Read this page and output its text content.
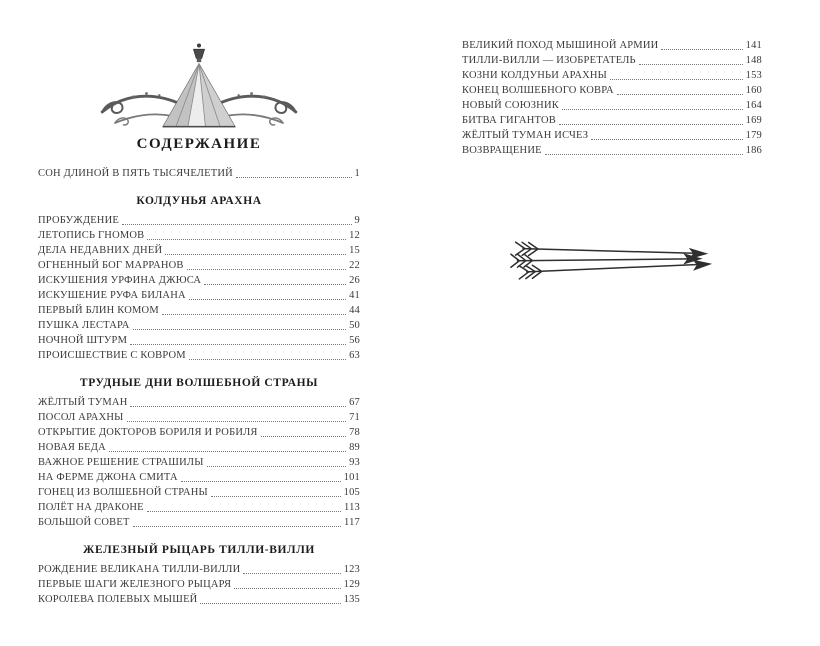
СОДЕРЖАНИЕ
СОН ДЛИНОЙ В ПЯТЬ ТЫСЯЧЕЛЕТИЙ	1
КОЛДУНЬЯ АРАХНА
ПРОБУЖДЕНИЕ	9
ЛЕТОПИСЬ ГНОМОВ	12
ДЕЛА НЕДАВНИХ ДНЕЙ	15
ОГНЕННЫЙ БОГ МАРРАНОВ	22
ИСКУШЕНИЯ УРФИНА ДЖЮСА	26
ИСКУШЕНИЕ РУФА БИЛАНА	41
ПЕРВЫЙ БЛИН КОМОМ	44
ПУШКА ЛЕСТАРА	50
НОЧНОЙ ШТУРМ	56
ПРОИСШЕСТВИЕ С КОВРОМ	63
ТРУДНЫЕ ДНИ ВОЛШЕБНОЙ СТРАНЫ
ЖЁЛТЫЙ ТУМАН	67
ПОСОЛ АРАХНЫ	71
ОТКРЫТИЕ ДОКТОРОВ БОРИЛЯ И РОБИЛЯ	78
НОВАЯ БЕДА	89
ВАЖНОЕ РЕШЕНИЕ СТРАШИЛЫ	93
НА ФЕРМЕ ДЖОНА СМИТА	101
ГОНЕЦ ИЗ ВОЛШЕБНОЙ СТРАНЫ	105
ПОЛЁТ НА ДРАКОНЕ	113
БОЛЬШОЙ СОВЕТ	117
ЖЕЛЕЗНЫЙ РЫЦАРЬ ТИЛЛИ-ВИЛЛИ
РОЖДЕНИЕ ВЕЛИКАНА ТИЛЛИ-ВИЛЛИ	123
ПЕРВЫЕ ШАГИ ЖЕЛЕЗНОГО РЫЦАРЯ	129
КОРОЛЕВА ПОЛЕВЫХ МЫШЕЙ	135
ВЕЛИКИЙ ПОХОД МЫШИНОЙ АРМИИ	141
ТИЛЛИ-ВИЛЛИ — ИЗОБРЕТАТЕЛЬ	148
КОЗНИ КОЛДУНЬИ АРАХНЫ	153
КОНЕЦ ВОЛШЕБНОГО КОВРА	160
НОВЫЙ СОЮЗНИК	164
БИТВА ГИГАНТОВ	169
ЖЁЛТЫЙ ТУМАН ИСЧЕЗ	179
ВОЗВРАЩЕНИЕ	186
